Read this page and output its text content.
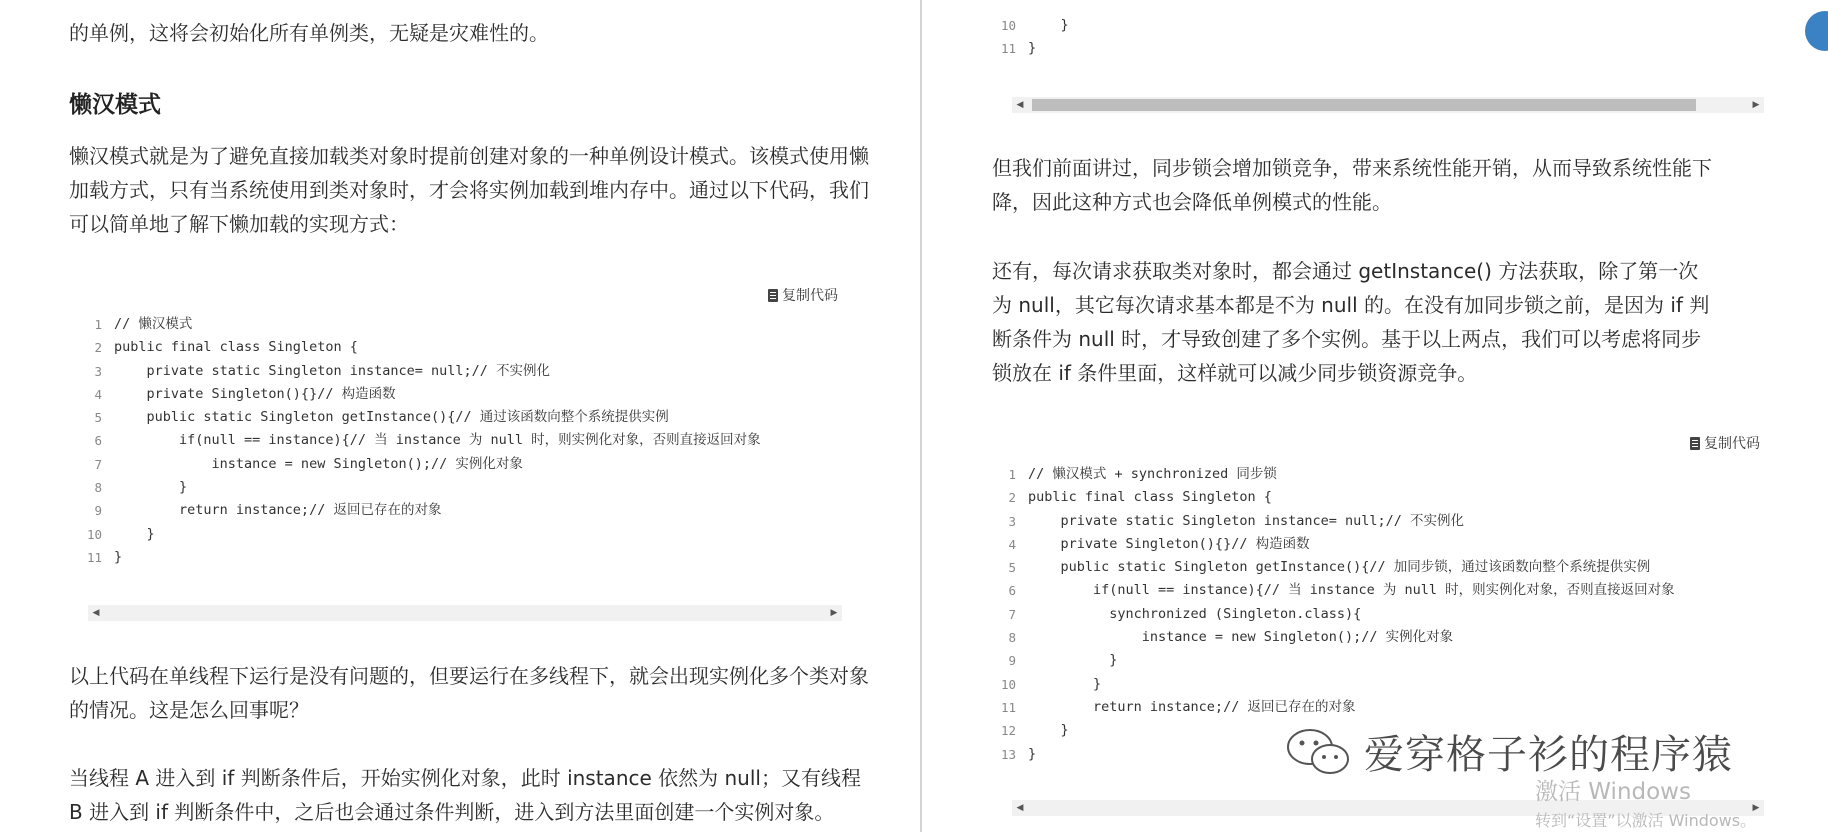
的单例，这将会初始化所有单例类，无疑是灾难性的。

懒汉模式

懒汉模式就是为了避免直接加载类对象时提前创建对象的一种单例设计模式。该模式使用懒加载方式，只有当系统使用到类对象时，才会将实例加载到堆内存中。通过以下代码，我们可以简单地了解下懒加载的实现方式：

复制代码
1 // 懒汉模式
2 public final class Singleton {
3 private static Singleton instance= null;// 不实例化
4 private Singleton(){}// 构造函数
5 public static Singleton getInstance(){// 通过该函数向整个系统提供实例
6 if(null == instance){// 当 instance 为 null 时，则实例化对象，否则直接返回对象
7 instance = new Singleton();// 实例化对象
8 }
9 return instance;// 返回已存在的对象
10 }
11 }
◀	▶

以上代码在单线程下运行是没有问题的，但要运行在多线程下，就会出现实例化多个类对象的情况。这是怎么回事呢？

当线程 A 进入到 if 判断条件后，开始实例化对象，此时 instance 依然为 null；又有线程 B 进入到 if 判断条件中，之后也会通过条件判断，进入到方法里面创建一个实例对象。

10 }
11 }
◀	▶

但我们前面讲过，同步锁会增加锁竞争，带来系统性能开销，从而导致系统性能下降，因此这种方式也会降低单例模式的性能。

还有，每次请求获取类对象时，都会通过 getInstance() 方法获取，除了第一次为 null，其它每次请求基本都是不为 null 的。在没有加同步锁之前，是因为 if 判断条件为 null 时，才导致创建了多个实例。基于以上两点，我们可以考虑将同步锁放在 if 条件里面，这样就可以减少同步锁资源竞争。

复制代码
1 // 懒汉模式 + synchronized 同步锁
2 public final class Singleton {
3 private static Singleton instance= null;// 不实例化
4 private Singleton(){}// 构造函数
5 public static Singleton getInstance(){// 加同步锁，通过该函数向整个系统提供实例
6 if(null == instance){// 当 instance 为 null 时，则实例化对象，否则直接返回对象
7 synchronized (Singleton.class){
8 instance = new Singleton();// 实例化对象
9 }
10 }
11 return instance;// 返回已存在的对象
12 }
13 }
◀	▶
爱穿格子衫的程序猿
激活 Windows
转到“设置”以激活 Windows。
